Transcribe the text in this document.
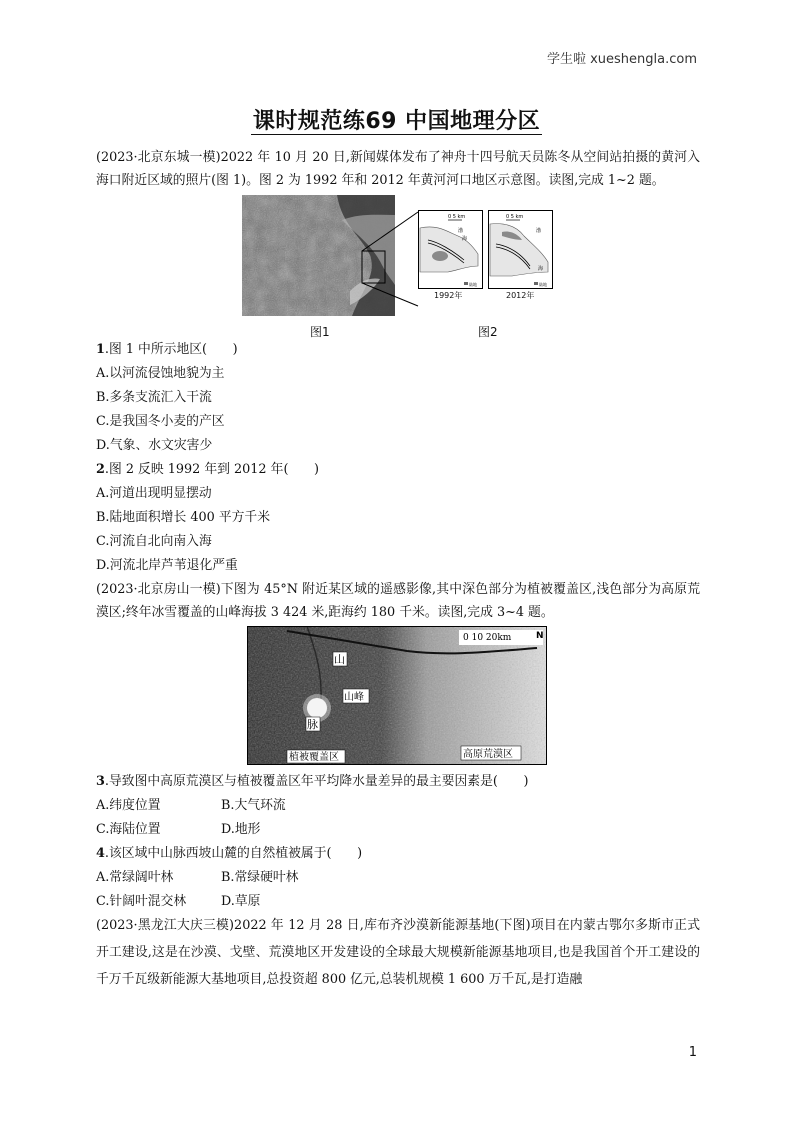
学生啦 xueshengla.com
课时规范练69 中国地理分区
(2023·北京东城一模)2022 年 10 月 20 日,新闻媒体发布了神舟十四号航天员陈冬从空间站拍摄的黄河入海口附近区域的照片(图 1)。图 2 为 1992 年和 2012 年黄河河口地区示意图。读图,完成 1~2 题。
0 5 km
渤
海
陆地
1992年
0 5 km
渤
海
陆地
2012年
图1	图2
1.图 1 中所示地区(　　)
A.以河流侵蚀地貌为主
B.多条支流汇入干流
C.是我国冬小麦的产区
D.气象、水文灾害少
2.图 2 反映 1992 年到 2012 年(　　)
A.河道出现明显摆动
B.陆地面积增长 400 平方千米
C.河流自北向南入海
D.河流北岸芦苇退化严重
(2023·北京房山一模)下图为 45°N 附近某区域的遥感影像,其中深色部分为植被覆盖区,浅色部分为高原荒漠区;终年冰雪覆盖的山峰海拔 3 424 米,距海约 180 千米。读图,完成 3~4 题。
0 10 20km	N
山
山峰
脉
植被覆盖区	高原荒漠区
3.导致图中高原荒漠区与植被覆盖区年平均降水量差异的最主要因素是(　　)
A.纬度位置	B.大气环流
C.海陆位置	D.地形
4.该区域中山脉西坡山麓的自然植被属于(　　)
A.常绿阔叶林	B.常绿硬叶林
C.针阔叶混交林	D.草原
(2023·黑龙江大庆三模)2022 年 12 月 28 日,库布齐沙漠新能源基地(下图)项目在内蒙古鄂尔多斯市正式开工建设,这是在沙漠、戈壁、荒漠地区开发建设的全球最大规模新能源基地项目,也是我国首个开工建设的千万千瓦级新能源大基地项目,总投资超 800 亿元,总装机规模 1 600 万千瓦,是打造融
1
